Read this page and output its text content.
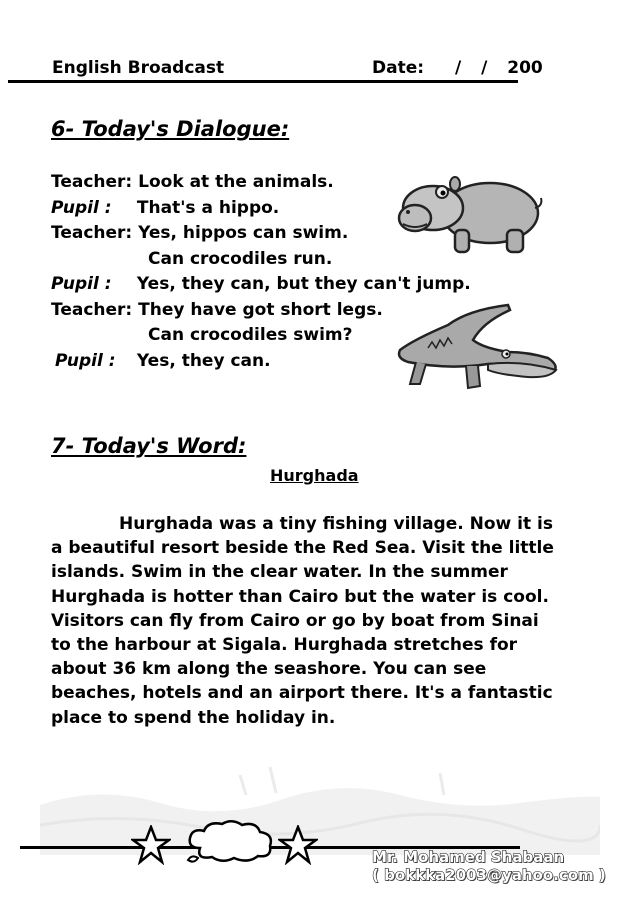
English Broadcast	Date: / / 200
6- Today's Dialogue:
Teacher: Look at the animals.
Pupil : That's a hippo.
Teacher: Yes, hippos can swim.
Can crocodiles run.
Pupil : Yes, they can, but they can't jump.
Teacher: They have got short legs.
Can crocodiles swim?
Pupil : Yes, they can.
7- Today's Word:
Hurghada
Hurghada was a tiny fishing village. Now it is
a beautiful resort beside the Red Sea. Visit the little
islands. Swim in the clear water. In the summer
Hurghada is hotter than Cairo but the water is cool.
Visitors can fly from Cairo or go by boat from Sinai
to the harbour at Sigala. Hurghada stretches for
about 36 km along the seashore. You can see
beaches, hotels and an airport there. It's a fantastic
place to spend the holiday in.
Mr. Mohamed Shabaan
( bokkka2003@yahoo.com )
